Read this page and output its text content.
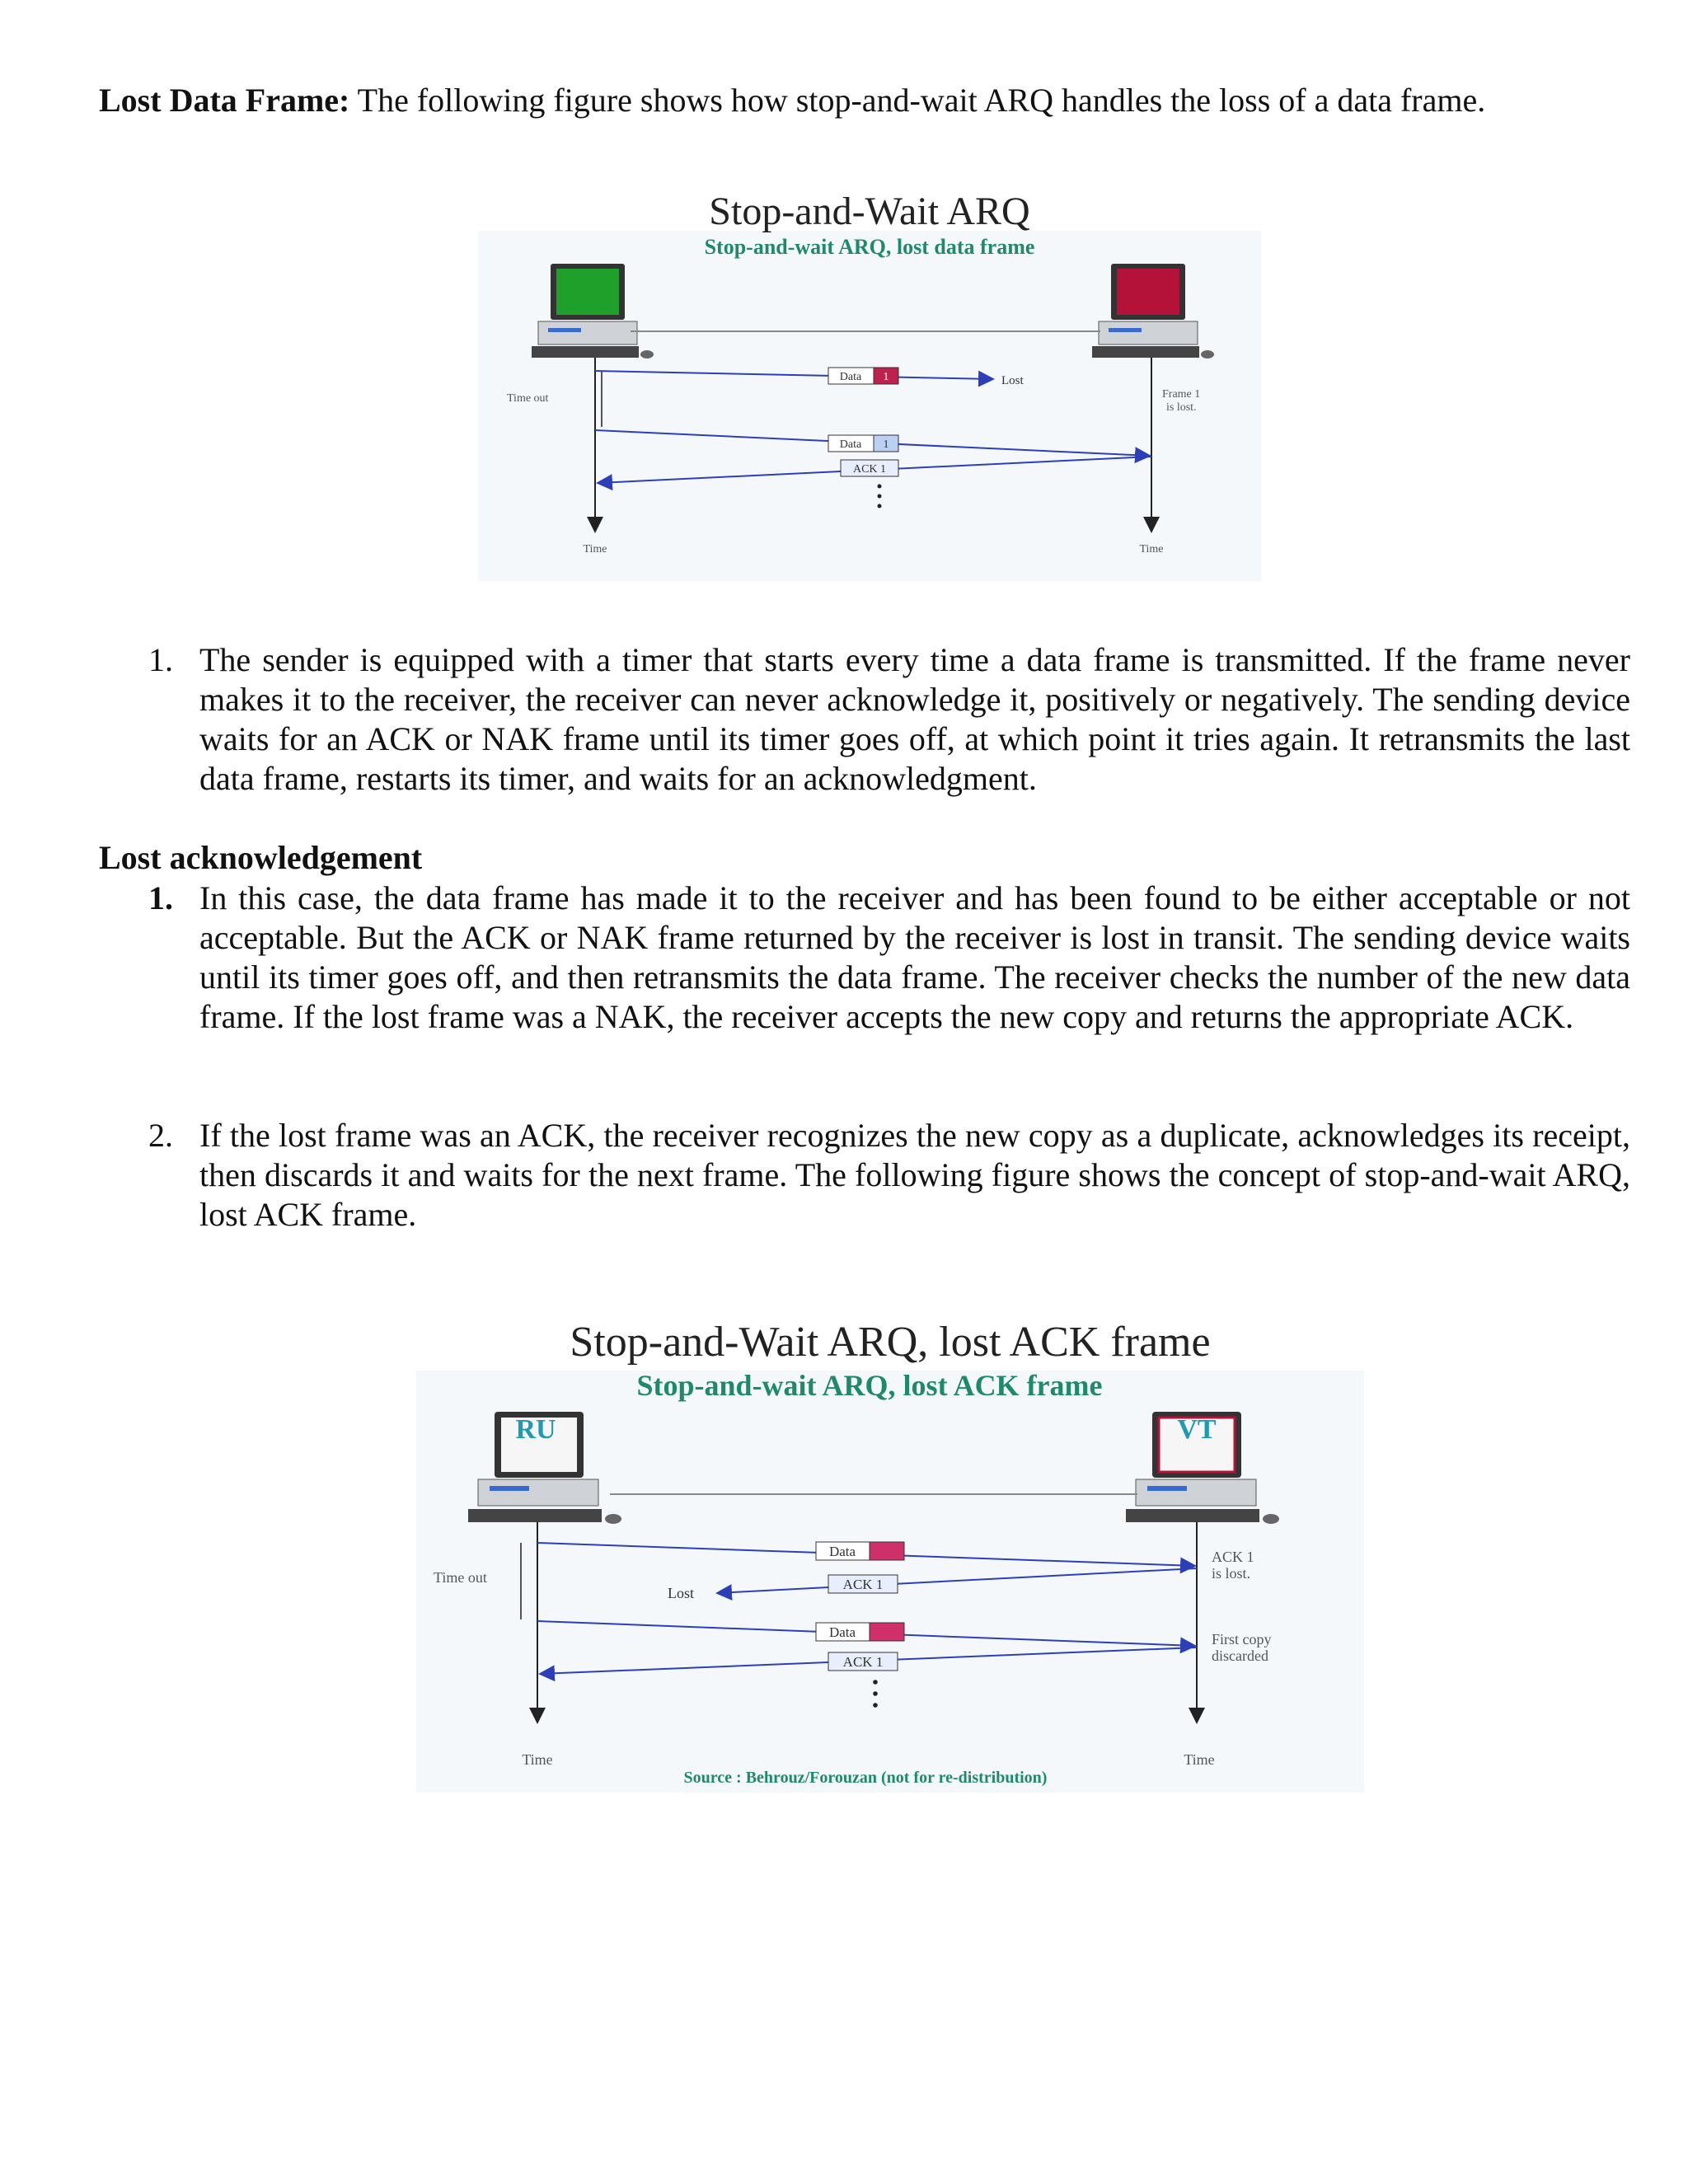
Lost Data Frame: The following figure shows how stop-and-wait ARQ handles the loss of a data frame.
Stop-and-Wait ARQ
Stop-and-wait ARQ, lost data frame
Time out
Data 1	Lost
Frame 1
is lost.
Data 1
ACK 1
Time	Time
1. The sender is equipped with a timer that starts every time a data frame is transmitted. If the frame never makes it to the receiver, the receiver can never acknowledge it, positively or negatively. The sending device waits for an ACK or NAK frame until its timer goes off, at which point it tries again. It retransmits the last data frame, restarts its timer, and waits for an acknowledgment.
Lost acknowledgement
1. In this case, the data frame has made it to the receiver and has been found to be either acceptable or not acceptable. But the ACK or NAK frame returned by the receiver is lost in transit. The sending device waits until its timer goes off, and then retransmits the data frame. The receiver checks the number of the new data frame. If the lost frame was a NAK, the receiver accepts the new copy and returns the appropriate ACK.
2. If the lost frame was an ACK, the receiver recognizes the new copy as a duplicate, acknowledges its receipt, then discards it and waits for the next frame. The following figure shows the concept of stop-and-wait ARQ, lost ACK frame.
Stop-and-Wait ARQ, lost ACK frame
Stop-and-wait ARQ, lost ACK frame
RU	VT
Time out
Data
ACK 1
Lost
ACK 1
is lost.
Data
ACK 1
First copy
discarded
Time	Time
Source : Behrouz/Forouzan (not for re-distribution)
